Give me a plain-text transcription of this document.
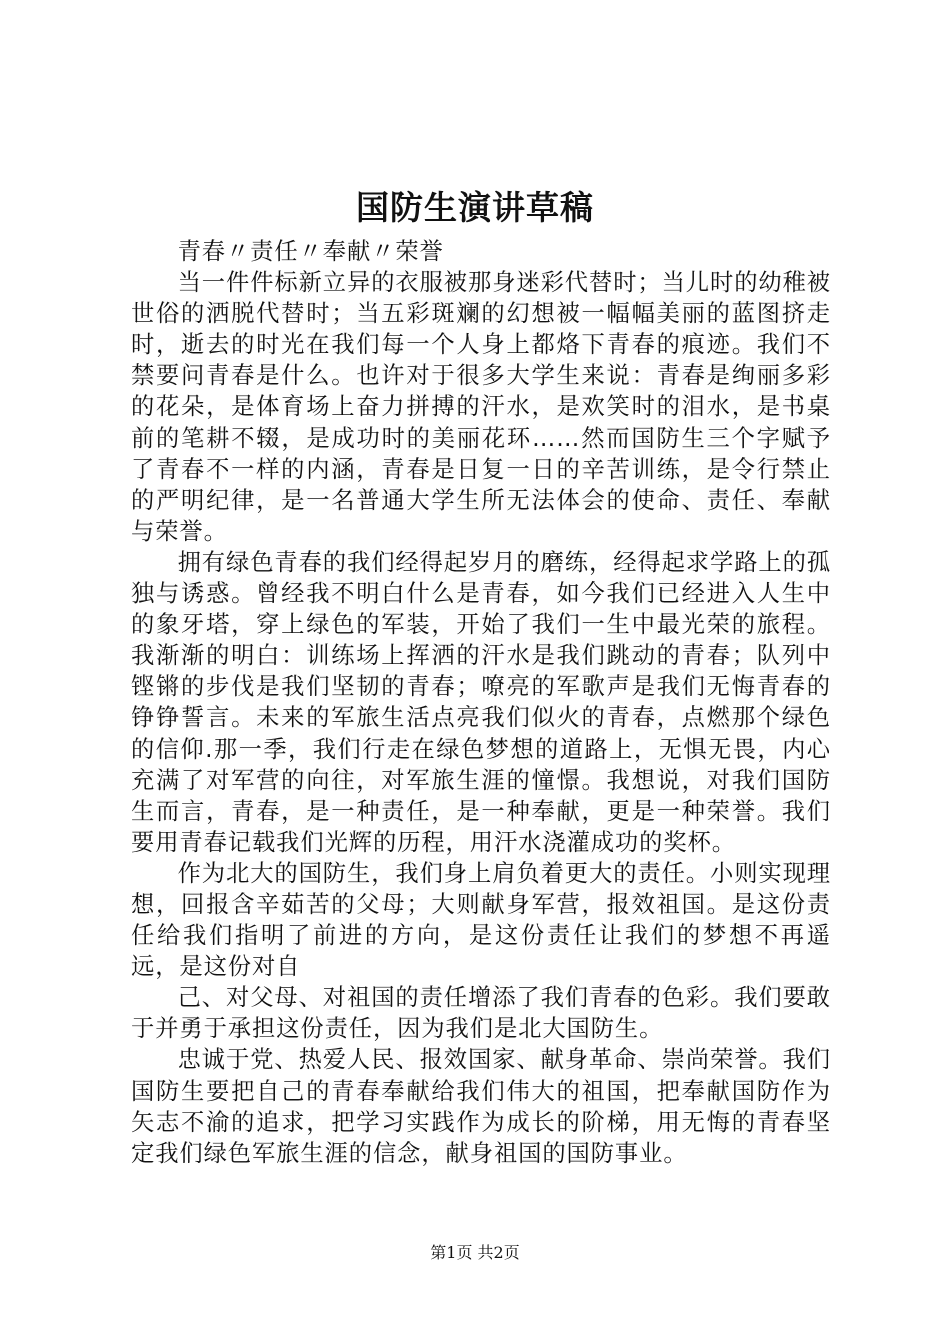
国防生演讲草稿

青春〃责任〃奉献〃荣誉

当一件件标新立异的衣服被那身迷彩代替时；当儿时的幼稚被世俗的洒脱代替时；当五彩斑斓的幻想被一幅幅美丽的蓝图挤走时，逝去的时光在我们每一个人身上都烙下青春的痕迹。我们不禁要问青春是什么。也许对于很多大学生来说：青春是绚丽多彩的花朵，是体育场上奋力拼搏的汗水，是欢笑时的泪水，是书桌前的笔耕不辍，是成功时的美丽花环……然而国防生三个字赋予了青春不一样的内涵，青春是日复一日的辛苦训练，是令行禁止的严明纪律，是一名普通大学生所无法体会的使命、责任、奉献与荣誉。

拥有绿色青春的我们经得起岁月的磨练，经得起求学路上的孤独与诱惑。曾经我不明白什么是青春，如今我们已经进入人生中的象牙塔，穿上绿色的军装，开始了我们一生中最光荣的旅程。我渐渐的明白：训练场上挥洒的汗水是我们跳动的青春；队列中铿锵的步伐是我们坚韧的青春；嘹亮的军歌声是我们无悔青春的铮铮誓言。未来的军旅生活点亮我们似火的青春，点燃那个绿色的信仰.那一季，我们行走在绿色梦想的道路上，无惧无畏，内心充满了对军营的向往，对军旅生涯的憧憬。我想说，对我们国防生而言，青春，是一种责任，是一种奉献，更是一种荣誉。我们要用青春记载我们光辉的历程，用汗水浇灌成功的奖杯。

作为北大的国防生，我们身上肩负着更大的责任。小则实现理想，回报含辛茹苦的父母；大则献身军营，报效祖国。是这份责任给我们指明了前进的方向，是这份责任让我们的梦想不再遥远，是这份对自

己、对父母、对祖国的责任增添了我们青春的色彩。我们要敢于并勇于承担这份责任，因为我们是北大国防生。

忠诚于党、热爱人民、报效国家、献身革命、崇尚荣誉。我们国防生要把自己的青春奉献给我们伟大的祖国，把奉献国防作为矢志不渝的追求，把学习实践作为成长的阶梯，用无悔的青春坚定我们绿色军旅生涯的信念，献身祖国的国防事业。

第1页 共2页
